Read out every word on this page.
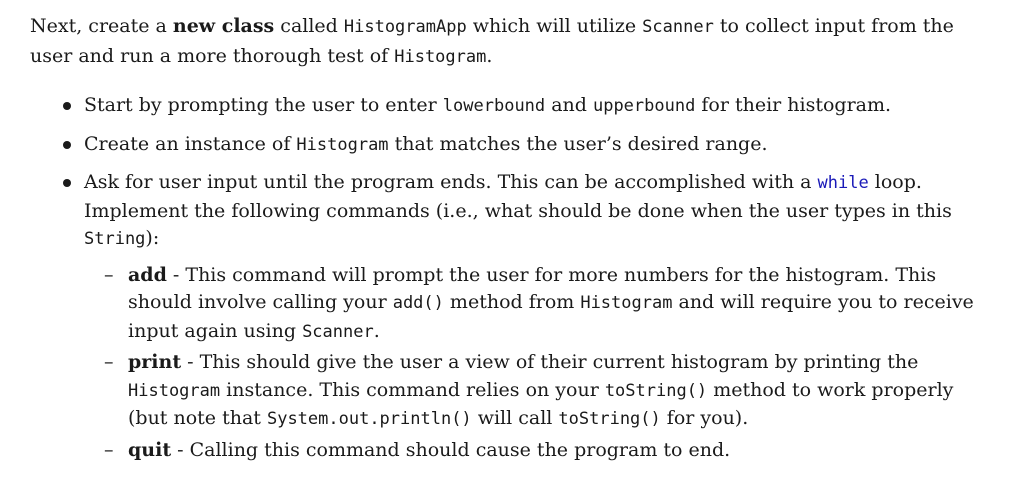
Next, create a new class called HistogramApp which will utilize Scanner to collect input from the user and run a more thorough test of Histogram.
Start by prompting the user to enter lowerbound and upperbound for their histogram.
Create an instance of Histogram that matches the user’s desired range.
Ask for user input until the program ends. This can be accomplished with a while loop. Implement the following commands (i.e., what should be done when the user types in this String):
– add - This command will prompt the user for more numbers for the histogram. This should involve calling your add() method from Histogram and will require you to receive input again using Scanner.
– print - This should give the user a view of their current histogram by printing the Histogram instance. This command relies on your toString() method to work properly (but note that System.out.println() will call toString() for you).
– quit - Calling this command should cause the program to end.
